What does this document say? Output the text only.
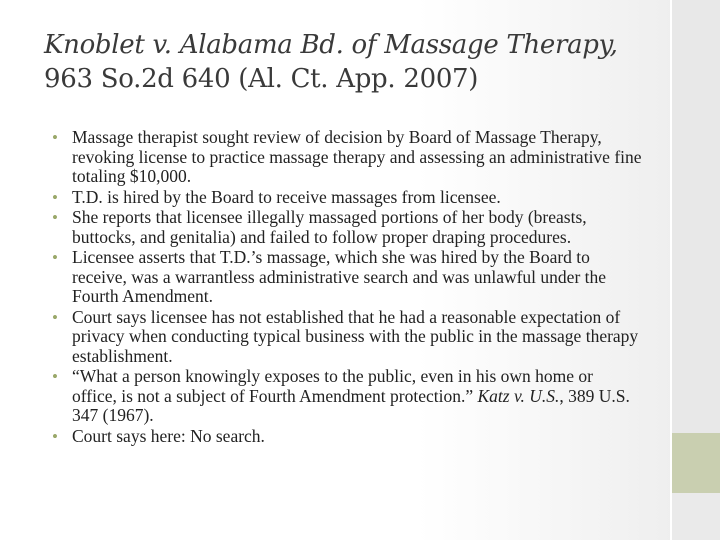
Knoblet v. Alabama Bd. of Massage Therapy,
963 So.2d 640 (Al. Ct. App. 2007)
• Massage therapist sought review of decision by Board of Massage Therapy, revoking license to practice massage therapy and assessing an administrative fine totaling $10,000.
• T.D. is hired by the Board to receive massages from licensee.
• She reports that licensee illegally massaged portions of her body (breasts, buttocks, and genitalia) and failed to follow proper draping procedures.
• Licensee asserts that T.D.’s massage, which she was hired by the Board to receive, was a warrantless administrative search and was unlawful under the Fourth Amendment.
• Court says licensee has not established that he had a reasonable expectation of privacy when conducting typical business with the public in the massage therapy establishment.
• “What a person knowingly exposes to the public, even in his own home or office, is not a subject of Fourth Amendment protection.” Katz v. U.S., 389 U.S. 347 (1967).
• Court says here: No search.
